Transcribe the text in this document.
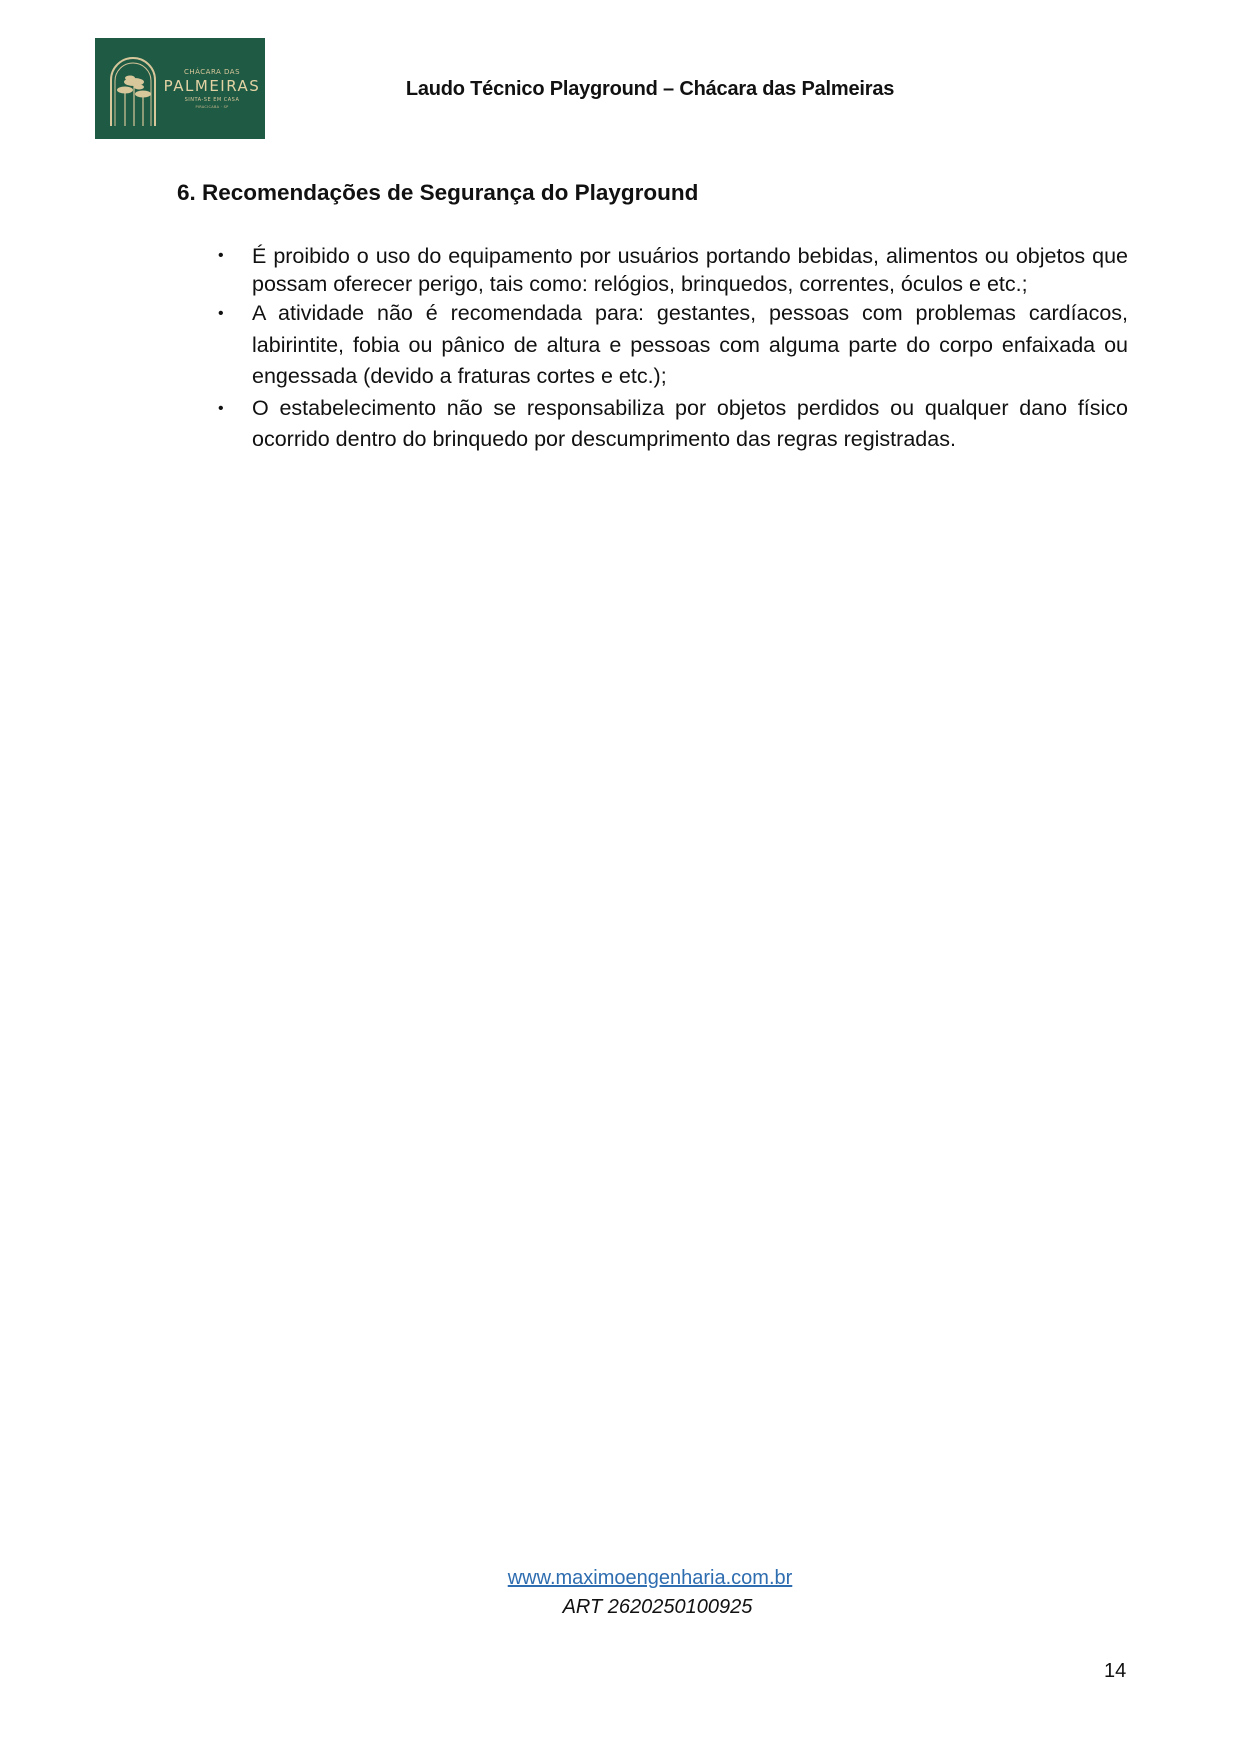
CHÁCARA DAS
PALMEIRAS
SINTA-SE EM CASA
PIRACICABA · SP
Laudo Técnico Playground – Chácara das Palmeiras
6. Recomendações de Segurança do Playground
• É proibido o uso do equipamento por usuários portando bebidas, alimentos ou objetos que possam oferecer perigo, tais como: relógios, brinquedos, correntes, óculos e etc.;
• A atividade não é recomendada para: gestantes, pessoas com problemas cardíacos, labirintite, fobia ou pânico de altura e pessoas com alguma parte do corpo enfaixada ou engessada (devido a fraturas cortes e etc.);
• O estabelecimento não se responsabiliza por objetos perdidos ou qualquer dano físico ocorrido dentro do brinquedo por descumprimento das regras registradas.
www.maximoengenharia.com.br
ART 2620250100925
14
